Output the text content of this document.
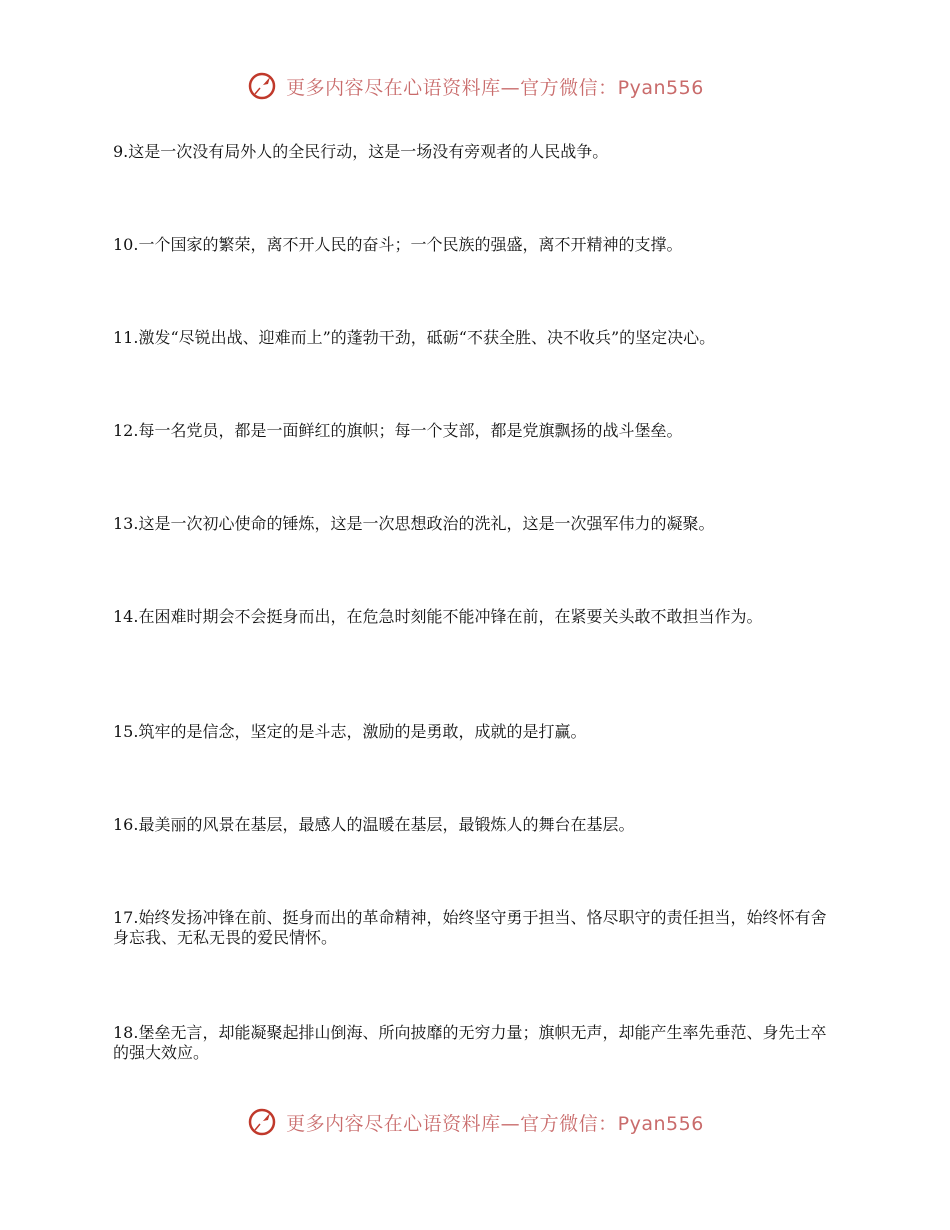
更多内容尽在心语资料库—官方微信：Pyan556
9.这是一次没有局外人的全民行动，这是一场没有旁观者的人民战争。
10.一个国家的繁荣，离不开人民的奋斗；一个民族的强盛，离不开精神的支撑。
11.激发“尽锐出战、迎难而上”的蓬勃干劲，砥砺“不获全胜、决不收兵”的坚定决心。
12.每一名党员，都是一面鲜红的旗帜；每一个支部，都是党旗飘扬的战斗堡垒。
13.这是一次初心使命的锤炼，这是一次思想政治的洗礼，这是一次强军伟力的凝聚。
14.在困难时期会不会挺身而出，在危急时刻能不能冲锋在前，在紧要关头敢不敢担当作为。
15.筑牢的是信念，坚定的是斗志，激励的是勇敢，成就的是打赢。
16.最美丽的风景在基层，最感人的温暖在基层，最锻炼人的舞台在基层。
17.始终发扬冲锋在前、挺身而出的革命精神，始终坚守勇于担当、恪尽职守的责任担当，始终怀有舍身忘我、无私无畏的爱民情怀。
18.堡垒无言，却能凝聚起排山倒海、所向披靡的无穷力量；旗帜无声，却能产生率先垂范、身先士卒的强大效应。
更多内容尽在心语资料库—官方微信：Pyan556
